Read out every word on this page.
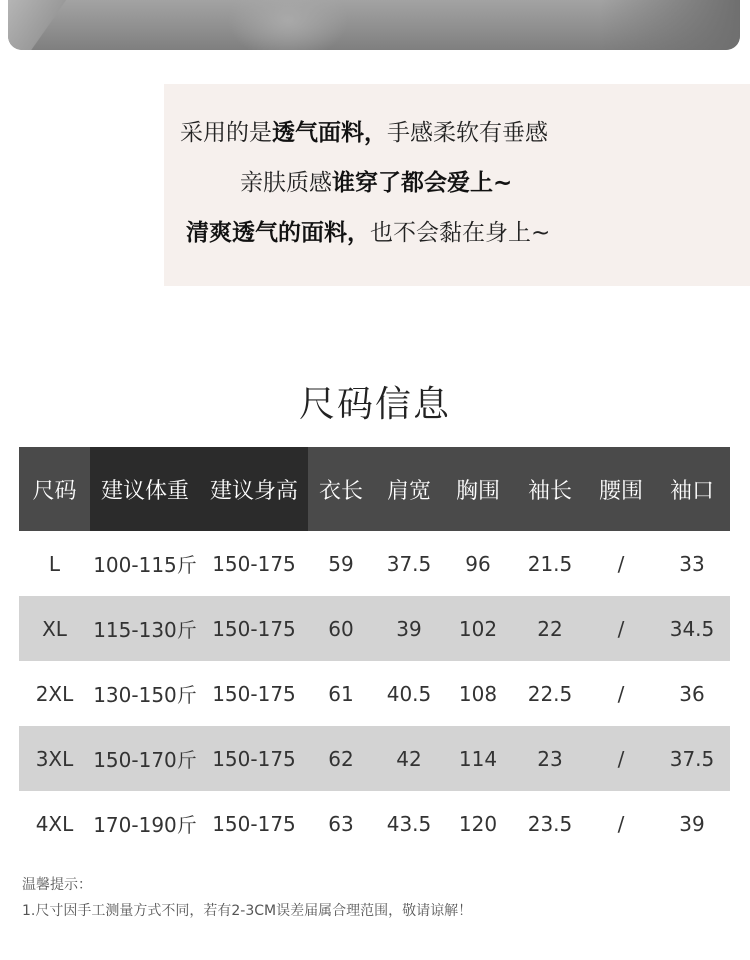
采用的是透气面料，手感柔软有垂感
亲肤质感谁穿了都会爱上~
清爽透气的面料，也不会黏在身上~
尺码信息
尺码	建议体重 建议身高 衣长	肩宽	胸围	袖长	腰围	袖口
L	100-115斤 150-175	59	37.5	96	21.5	/	33
XL	115-130斤 150-175	60	39	102	22	/	34.5
2XL 130-150斤 150-175	61	40.5	108	22.5	/	36
3XL 150-170斤 150-175	62	42	114	23	/	37.5
4XL 170-190斤 150-175	63	43.5	120	23.5	/	39
温馨提示：
1.尺寸因手工测量方式不同，若有2-3CM误差届属合理范围，敬请谅解！
